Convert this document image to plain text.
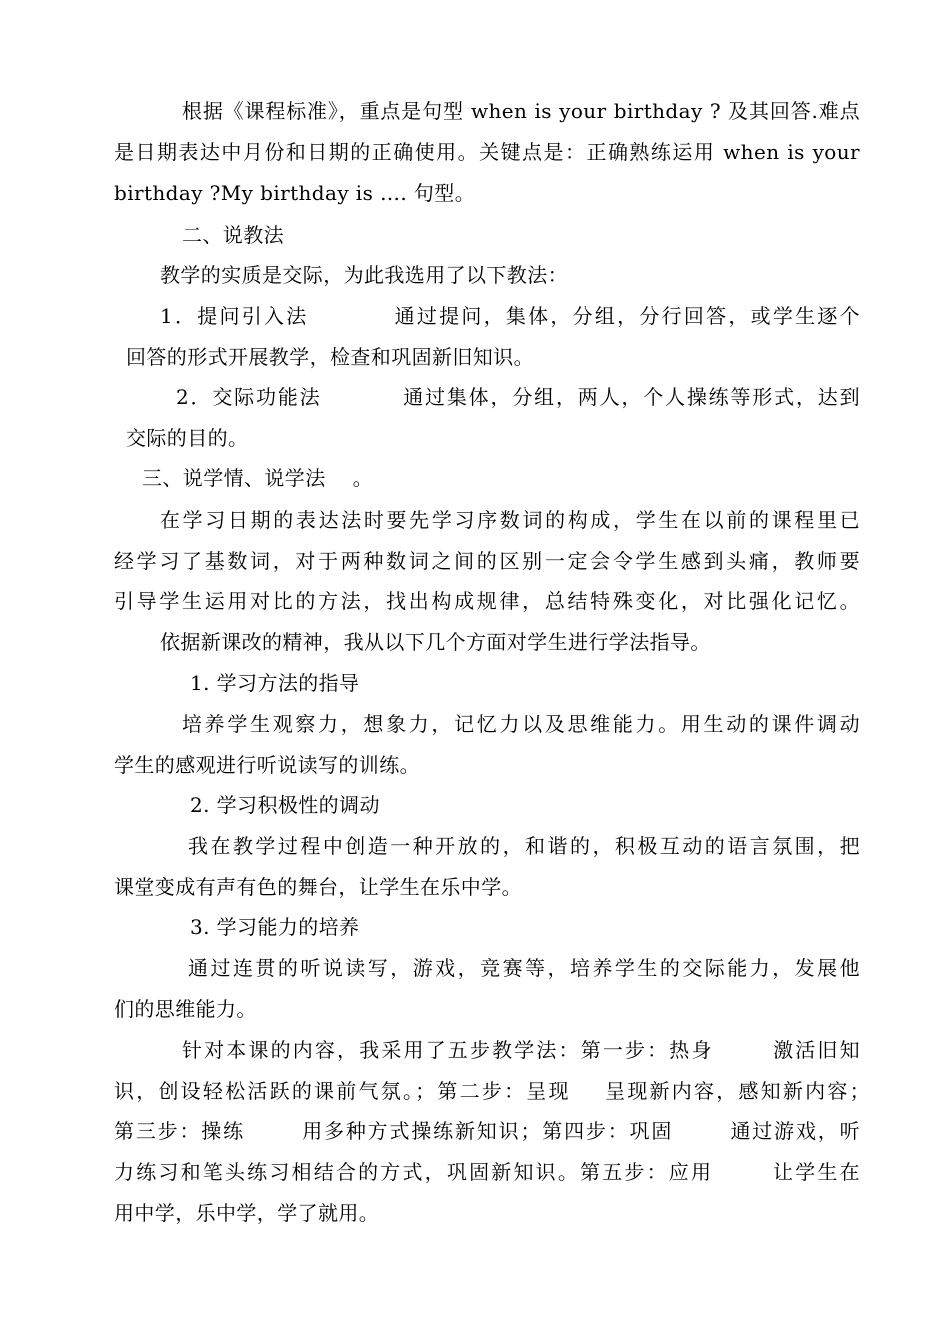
根据《课程标准》，重点是句型 when is your birthday ? 及其回答.难点
是日期表达中月份和日期的正确使用。关键点是：正确熟练运用 when is your
birthday ?My birthday is …. 句型。
二、说教法
教学的实质是交际，为此我选用了以下教法：
1．提问引入法          通过提问，集体，分组，分行回答，或学生逐个
回答的形式开展教学，检查和巩固新旧知识。
2．交际功能法          通过集体，分组，两人，个人操练等形式，达到
交际的目的。
三、说学情、说学法    。
在学习日期的表达法时要先学习序数词的构成，学生在以前的课程里已
经学习了基数词，对于两种数词之间的区别一定会令学生感到头痛，教师要
引导学生运用对比的方法，找出构成规律，总结特殊变化，对比强化记忆。
依据新课改的精神，我从以下几个方面对学生进行学法指导。
1. 学习方法的指导
培养学生观察力，想象力，记忆力以及思维能力。用生动的课件调动
学生的感观进行听说读写的训练。
2. 学习积极性的调动
我在教学过程中创造一种开放的，和谐的，积极互动的语言氛围，把
课堂变成有声有色的舞台，让学生在乐中学。
3. 学习能力的培养
通过连贯的听说读写，游戏，竞赛等，培养学生的交际能力，发展他
们的思维能力。
针对本课的内容，我采用了五步教学法：第一步：热身       激活旧知
识，创设轻松活跃的课前气氛。；第二步：呈现    呈现新内容，感知新内容；
第三步：操练       用多种方式操练新知识；第四步：巩固       通过游戏，听
力练习和笔头练习相结合的方式，巩固新知识。第五步：应用       让学生在
用中学，乐中学，学了就用。
